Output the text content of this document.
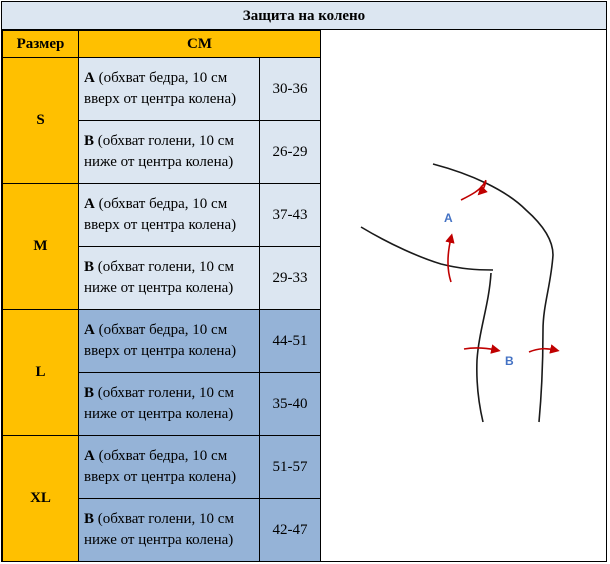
Защита на колено
Размер	СМ	
S	A (обхват бедра, 10 см вверх от центра колена)	30-36
	B (обхват голени, 10 см ниже от центра колена)	26-29
M	A (обхват бедра, 10 см вверх от центра колена)	37-43
	B (обхват голени, 10 см ниже от центра колена)	29-33
L	A (обхват бедра, 10 см вверх от центра колена)	44-51
	B (обхват голени, 10 см ниже от центра колена)	35-40
XL	A (обхват бедра, 10 см вверх от центра колена)	51-57
	B (обхват голени, 10 см ниже от центра колена)	42-47
A
B
